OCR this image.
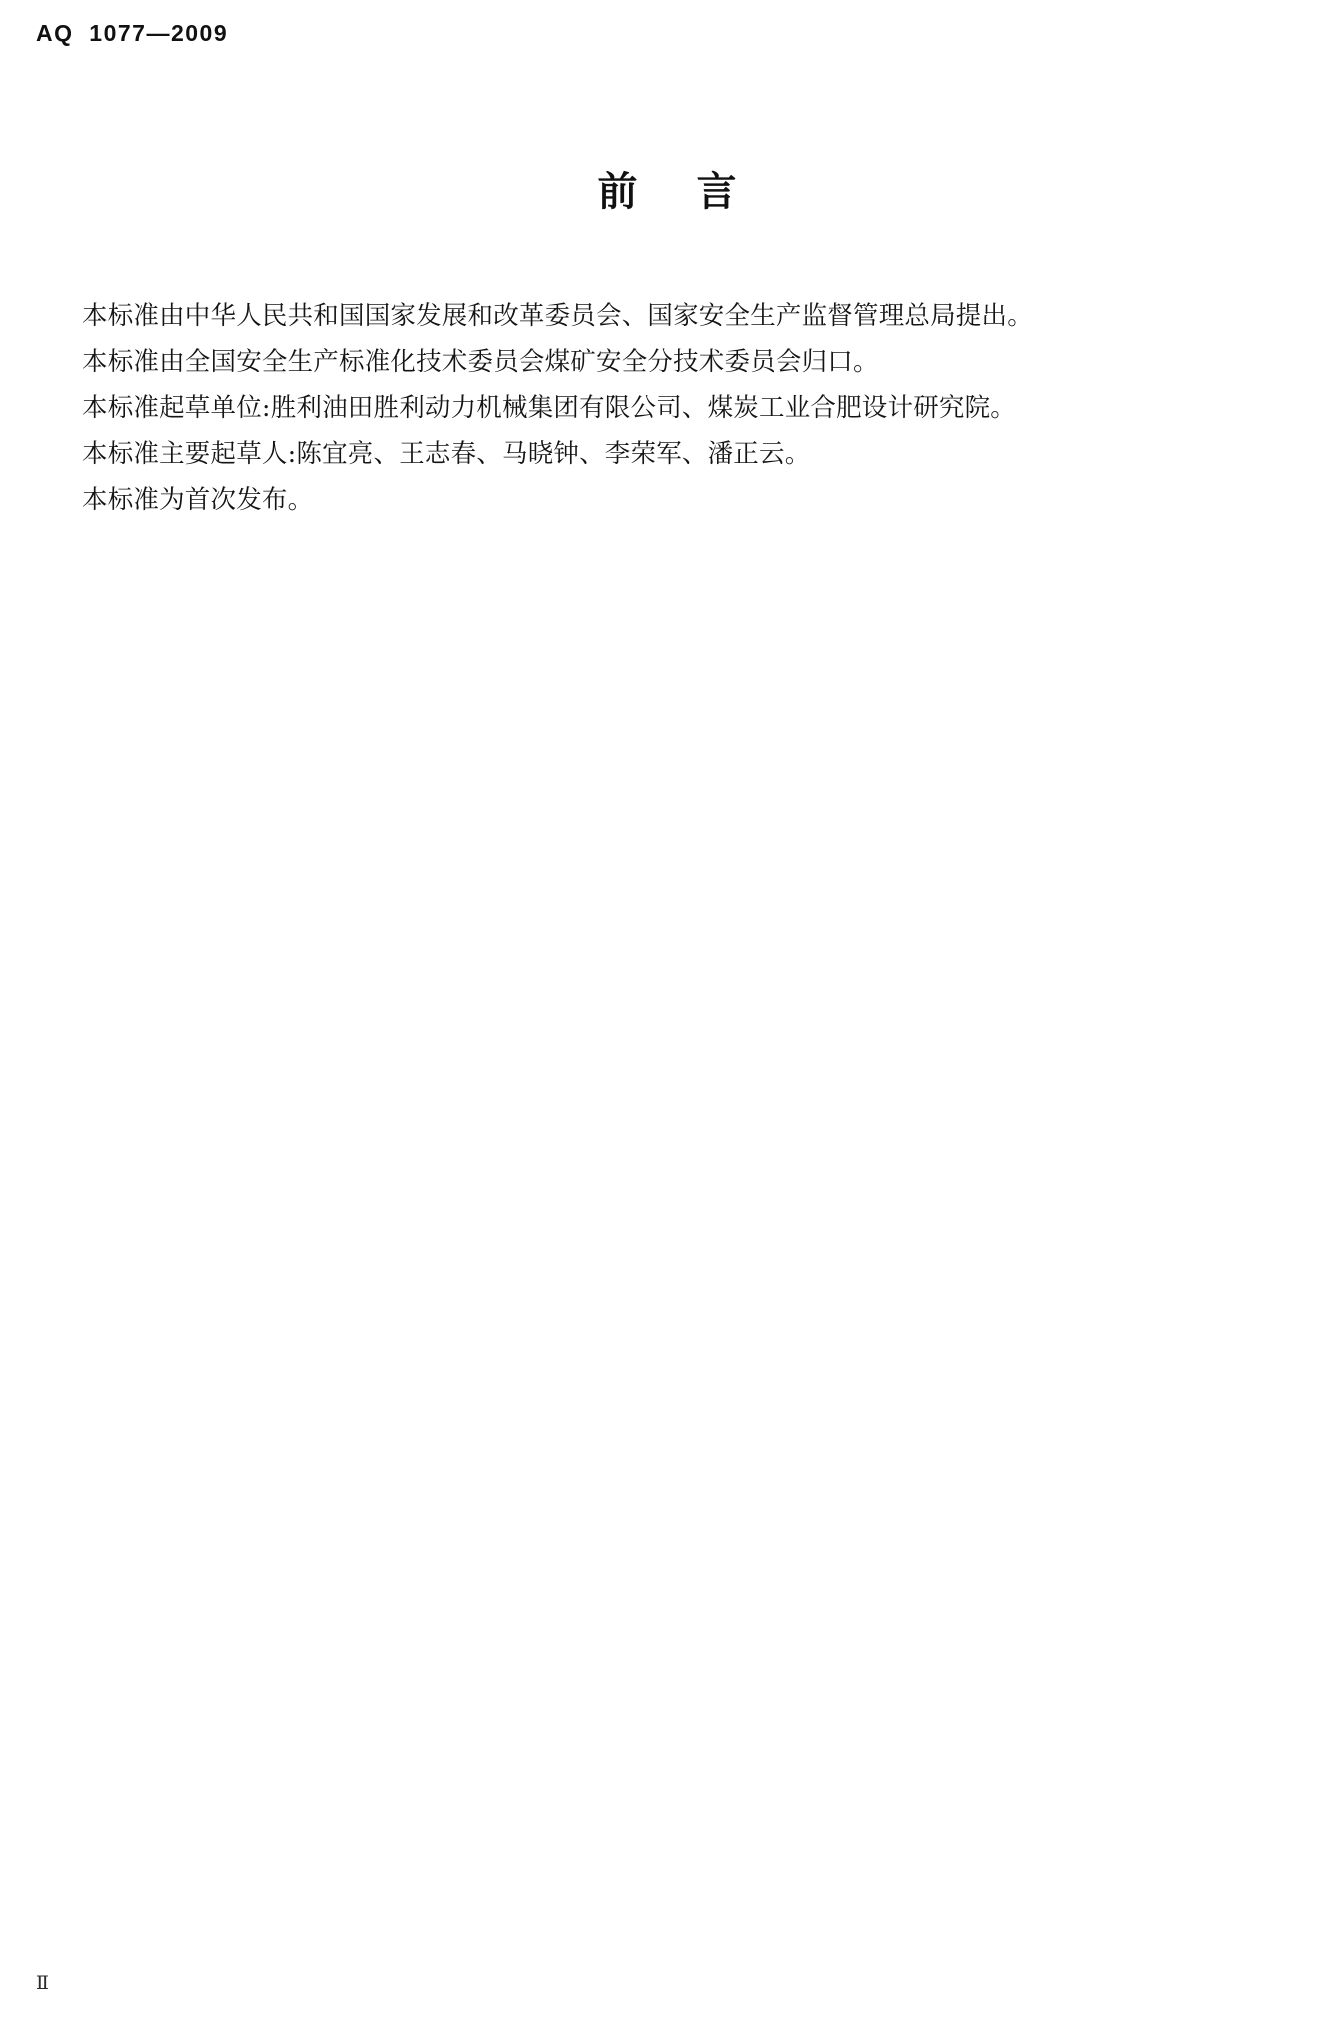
AQ  1077—2009
前 言
本标准由中华人民共和国国家发展和改革委员会、国家安全生产监督管理总局提出。
本标准由全国安全生产标准化技术委员会煤矿安全分技术委员会归口。
本标准起草单位:胜利油田胜利动力机械集团有限公司、煤炭工业合肥设计研究院。
本标准主要起草人:陈宜亮、王志春、马晓钟、李荣军、潘正云。
本标准为首次发布。
Ⅱ
